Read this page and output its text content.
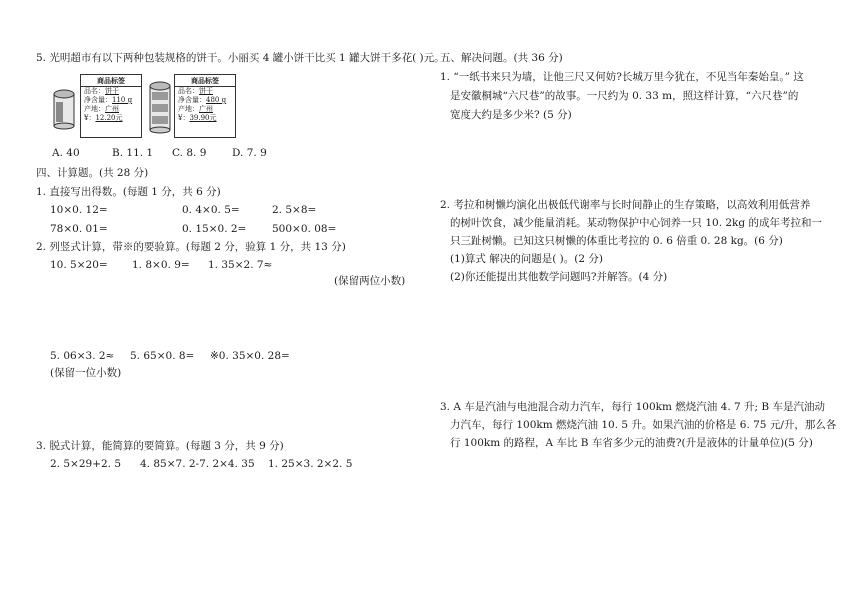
5. 光明超市有以下两种包装规格的饼干。小丽买 4 罐小饼干比买 1 罐大饼干多花( )元。
商品标签
品名：饼干
净含量：110 g
产地：广州
¥：12.20元
商品标签
品名：饼干
净含量：480 g
产地：广州
¥：39.90元
A. 40	B. 11. 1 C. 8. 9 D. 7. 9
四、计算题。(共 28 分)
1. 直接写出得数。(每题 1 分，共 6 分)
10×0. 12=	0. 4×0. 5=	2. 5×8=
78×0. 01=	0. 15×0. 2= 500×0. 08=
2. 列竖式计算，带※的要验算。(每题 2 分，验算 1 分，共 13 分)
10. 5×20= 1. 8×0. 9= 1. 35×2. 7≈
(保留两位小数)
5. 06×3. 2≈ 5. 65×0. 8= ※0. 35×0. 28=
(保留一位小数)
3. 脱式计算，能简算的要简算。(每题 3 分，共 9 分)
2. 5×29+2. 5 4. 85×7. 2-7. 2×4. 35 1. 25×3. 2×2. 5
五、解决问题。(共 36 分)
1. “一纸书来只为墙，让他三尺又何妨?长城万里今犹在，不见当年秦始皇。” 这
是安徽桐城“六尺巷”的故事。一尺约为 0. 33 m，照这样计算，“六尺巷”的
宽度大约是多少米? (5 分)
2. 考拉和树懒均演化出极低代谢率与长时间静止的生存策略，以高效利用低营养
的树叶饮食，减少能量消耗。某动物保护中心饲养一只 10. 2kg 的成年考拉和一
只三趾树懒。已知这只树懒的体重比考拉的 0. 6 倍重 0. 28 kg。(6 分)
(1)算式 解决的问题是( )。(2 分)
(2)你还能提出其他数学问题吗?并解答。(4 分)
3. A 车是汽油与电池混合动力汽车，每行 100km 燃烧汽油 4. 7 升; B 车是汽油动
力汽车，每行 100km 燃烧汽油 10. 5 升。如果汽油的价格是 6. 75 元/升，那么各
行 100km 的路程，A 车比 B 车省多少元的油费?(升是液体的计量单位)(5 分)
